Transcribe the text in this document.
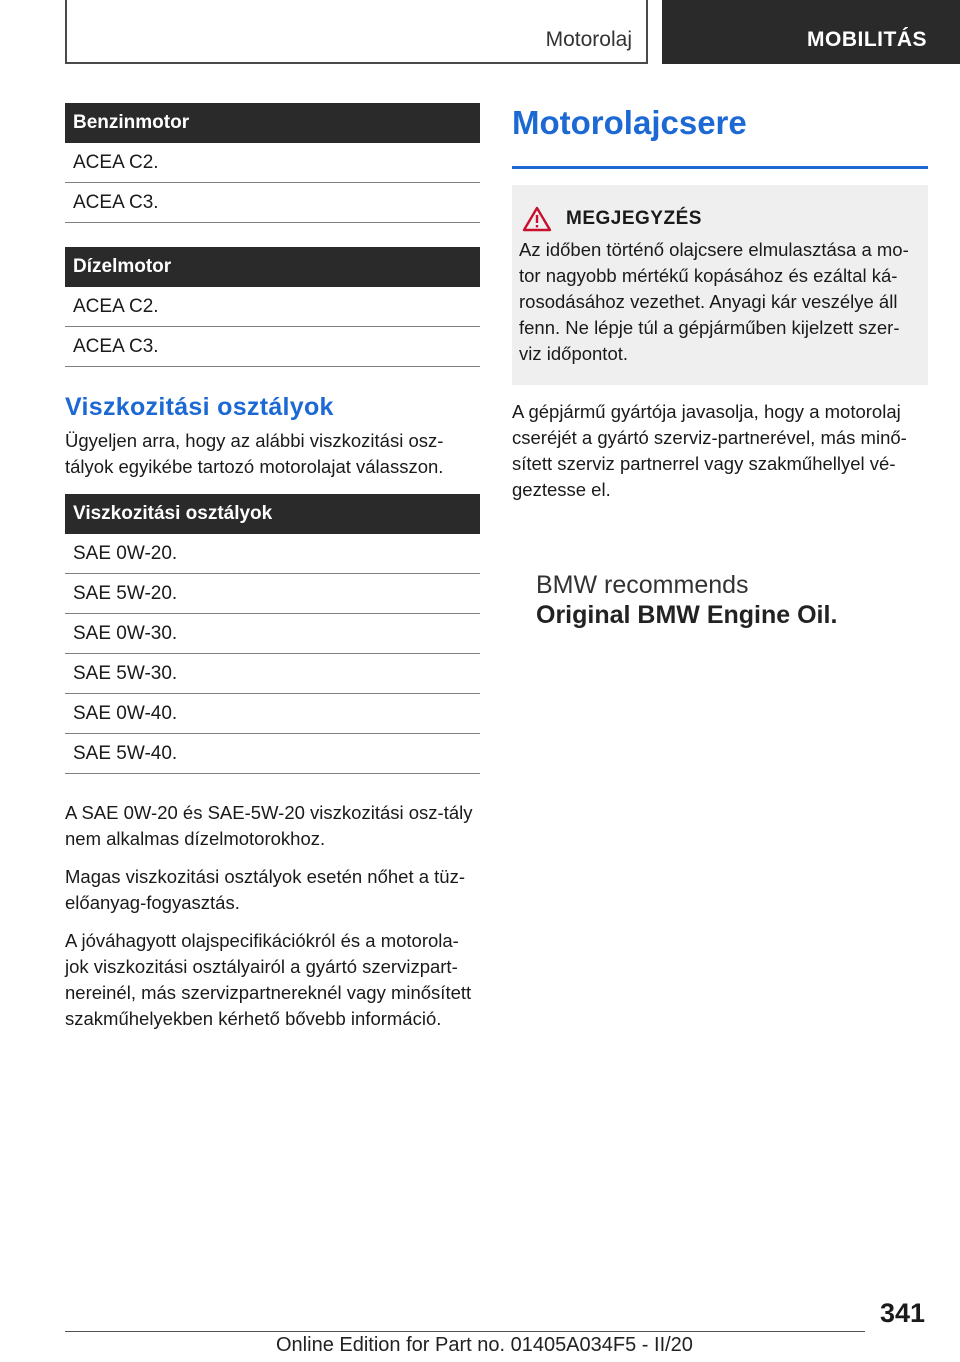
Motorolaj	MOBILITÁS
Benzinmotor
ACEA C2.
ACEA C3.
Dízelmotor
ACEA C2.
ACEA C3.
Viszkozitási osztályok

Ügyeljen arra, hogy az alábbi viszkozitási osz-tályok egyikébe tartozó motorolajat válasszon.

Viszkozitási osztályok
SAE 0W-20.
SAE 5W-20.
SAE 0W-30.
SAE 5W-30.
SAE 0W-40.
SAE 5W-40.

A SAE 0W-20 és SAE-5W-20 viszkozitási osz-tály nem alkalmas dízelmotorokhoz.

Magas viszkozitási osztályok esetén nőhet a tüz-előanyag-fogyasztás.

A jóváhagyott olajspecifikációkról és a motorola-jok viszkozitási osztályairól a gyártó szervizpart-nereinél, más szervizpartnereknél vagy minősített szakműhelyekben kérhető bővebb információ.

Motorolajcsere
MEGJEGYZÉS

Az időben történő olajcsere elmulasztása a mo-tor nagyobb mértékű kopásához és ezáltal ká-rosodásához vezethet. Anyagi kár veszélye áll fenn. Ne lépje túl a gépjárműben kijelzett szer-viz időpontot.

A gépjármű gyártója javasolja, hogy a motorolaj cseréjét a gyártó szerviz-partnerével, más minő-sített szerviz partnerrel vagy szakműhellyel vé-geztesse el.

BMW recommends
Original BMW Engine Oil.
341
Online Edition for Part no. 01405A034F5 - II/20
